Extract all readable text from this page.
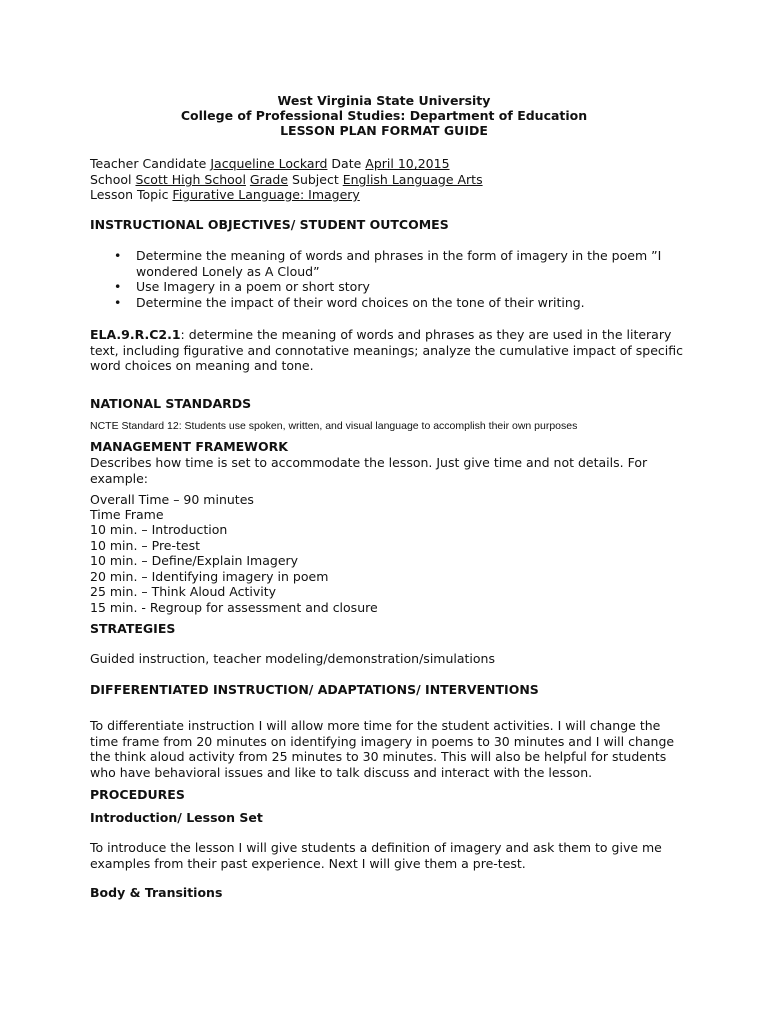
West Virginia State University

College of Professional Studies: Department of Education

LESSON PLAN FORMAT GUIDE

Teacher Candidate Jacqueline Lockard Date April 10,2015

School Scott High School Grade Subject English Language Arts

Lesson Topic Figurative Language: Imagery

INSTRUCTIONAL OBJECTIVES/ STUDENT OUTCOMES

• Determine the meaning of words and phrases in the form of imagery in the poem ”I wondered Lonely as A Cloud”
• Use Imagery in a poem or short story
• Determine the impact of their word choices on the tone of their writing.

ELA.9.R.C2.1: determine the meaning of words and phrases as they are used in the literary text, including figurative and connotative meanings; analyze the cumulative impact of specific word choices on meaning and tone.

NATIONAL STANDARDS

NCTE Standard 12: Students use spoken, written, and visual language to accomplish their own purposes

MANAGEMENT FRAMEWORK

Describes how time is set to accommodate the lesson. Just give time and not details. For example:

Overall Time – 90 minutes

Time Frame

10 min. – Introduction
10 min. – Pre-test
10 min. – Define/Explain Imagery
20 min. – Identifying imagery in poem
25 min. – Think Aloud Activity
15 min. - Regroup for assessment and closure

STRATEGIES

Guided instruction, teacher modeling/demonstration/simulations

DIFFERENTIATED INSTRUCTION/ ADAPTATIONS/ INTERVENTIONS

To differentiate instruction I will allow more time for the student activities. I will change the time frame from 20 minutes on identifying imagery in poems to 30 minutes and I will change the think aloud activity from 25 minutes to 30 minutes. This will also be helpful for students who have behavioral issues and like to talk discuss and interact with the lesson.

PROCEDURES

Introduction/ Lesson Set

To introduce the lesson I will give students a definition of imagery and ask them to give me examples from their past experience. Next I will give them a pre-test.

Body & Transitions
